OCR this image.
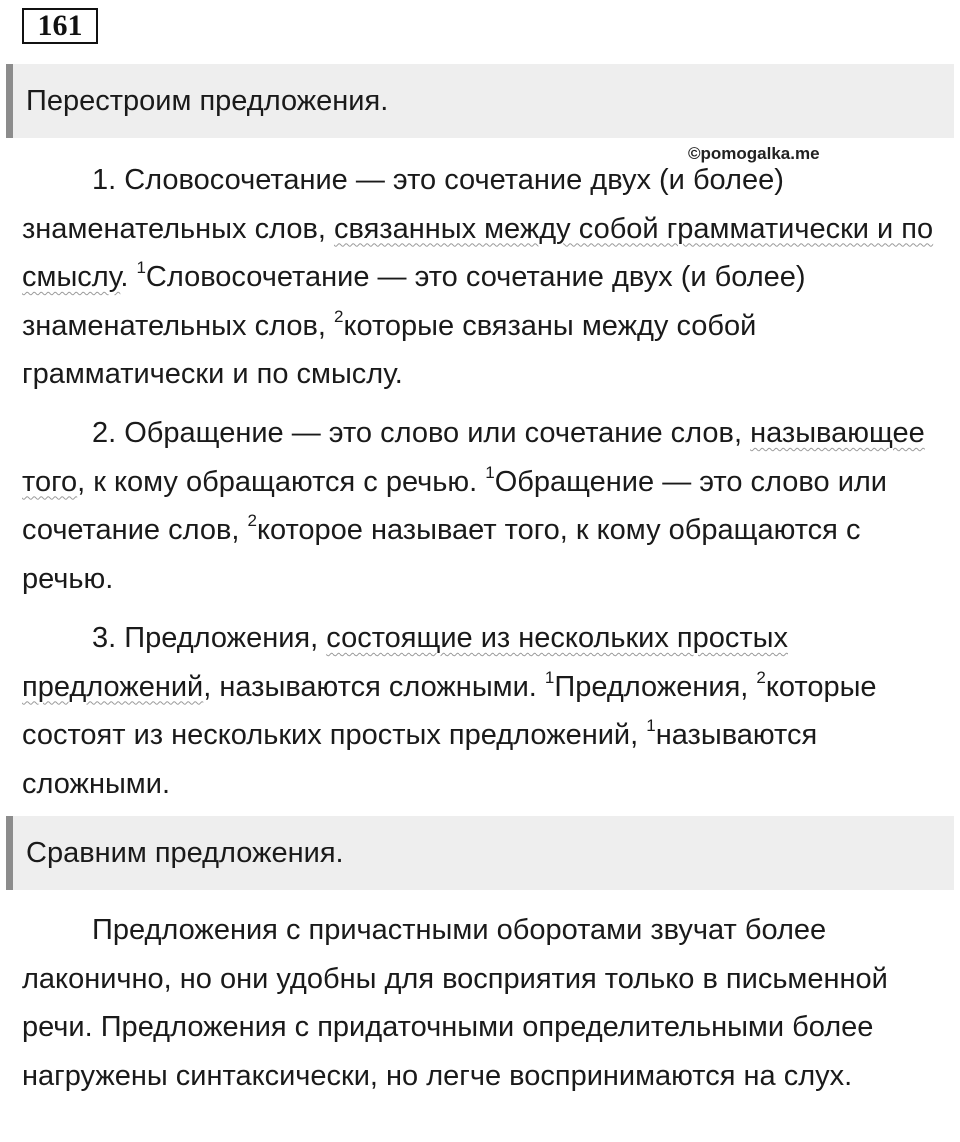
161
Перестроим предложения.
©pomogalka.me

1. Словосочетание — это сочетание двух (и более) знаменательных слов, связанных между собой грамматически и по смыслу. $^1$Словосочетание — это сочетание двух (и более) знаменательных слов, $^2$которые связаны между собой грамматически и по смыслу.

2. Обращение — это слово или сочетание слов, называющее того, к кому обращаются с речью. $^1$Обращение — это слово или сочетание слов, $^2$которое называет того, к кому обращаются с речью.

3. Предложения, состоящие из нескольких простых предложений, называются сложными. $^1$Предложения, $^2$которые состоят из нескольких простых предложений, $^1$называются сложными.

Сравним предложения.

Предложения с причастными оборотами звучат более лаконично, но они удобны для восприятия только в письменной речи. Предложения с придаточными определительными более нагружены синтаксически, но легче воспринимаются на слух.
